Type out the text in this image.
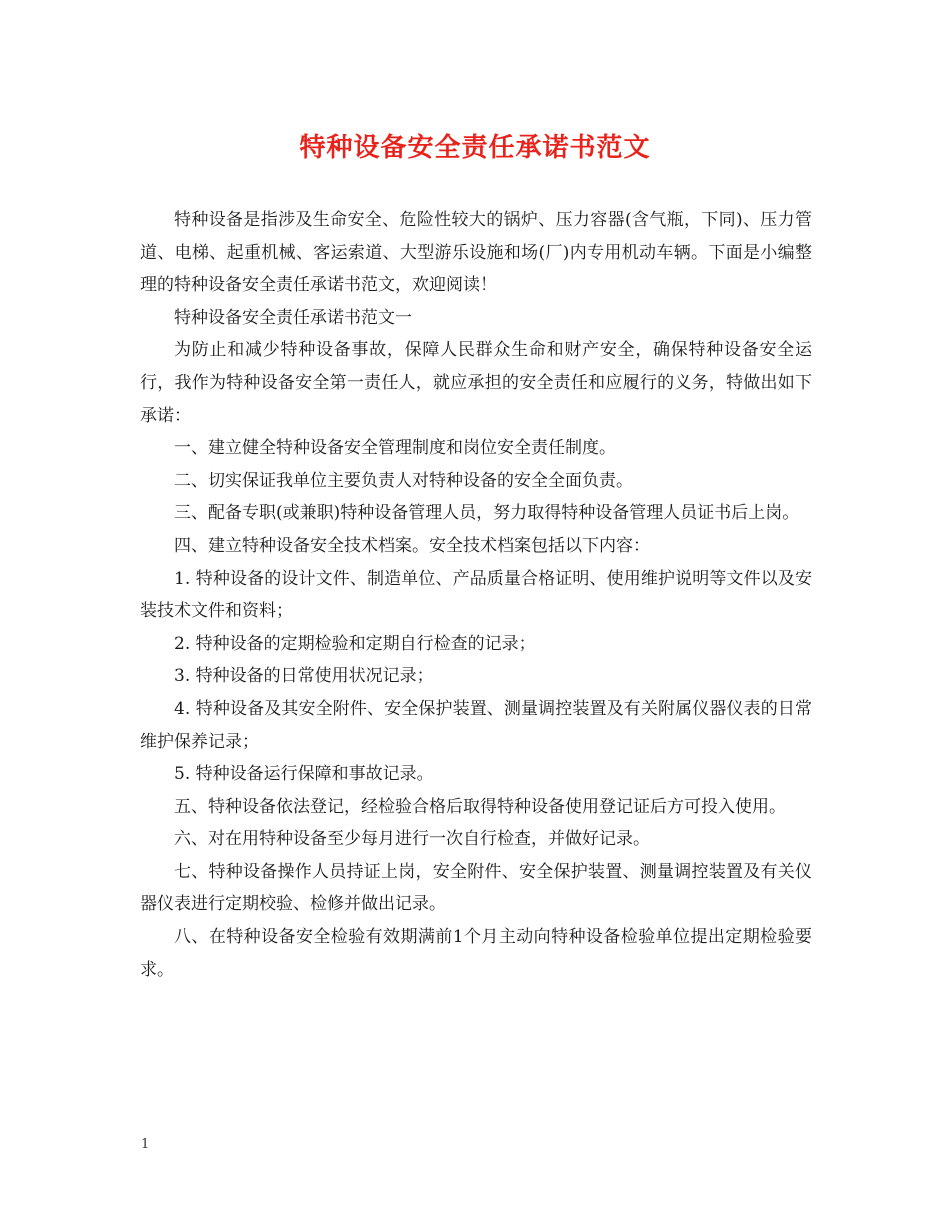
特种设备安全责任承诺书范文

特种设备是指涉及生命安全、危险性较大的锅炉、压力容器(含气瓶，下同)、压力管道、电梯、起重机械、客运索道、大型游乐设施和场(厂)内专用机动车辆。下面是小编整理的特种设备安全责任承诺书范文，欢迎阅读！

特种设备安全责任承诺书范文一

为防止和减少特种设备事故，保障人民群众生命和财产安全，确保特种设备安全运行，我作为特种设备安全第一责任人，就应承担的安全责任和应履行的义务，特做出如下承诺：

一、建立健全特种设备安全管理制度和岗位安全责任制度。

二、切实保证我单位主要负责人对特种设备的安全全面负责。

三、配备专职(或兼职)特种设备管理人员，努力取得特种设备管理人员证书后上岗。

四、建立特种设备安全技术档案。安全技术档案包括以下内容：

1. 特种设备的设计文件、制造单位、产品质量合格证明、使用维护说明等文件以及安装技术文件和资料；

2. 特种设备的定期检验和定期自行检查的记录；

3. 特种设备的日常使用状况记录；

4. 特种设备及其安全附件、安全保护装置、测量调控装置及有关附属仪器仪表的日常维护保养记录；

5. 特种设备运行保障和事故记录。

五、特种设备依法登记，经检验合格后取得特种设备使用登记证后方可投入使用。

六、对在用特种设备至少每月进行一次自行检查，并做好记录。

七、特种设备操作人员持证上岗，安全附件、安全保护装置、测量调控装置及有关仪器仪表进行定期校验、检修并做出记录。

八、在特种设备安全检验有效期满前1个月主动向特种设备检验单位提出定期检验要求。

1
